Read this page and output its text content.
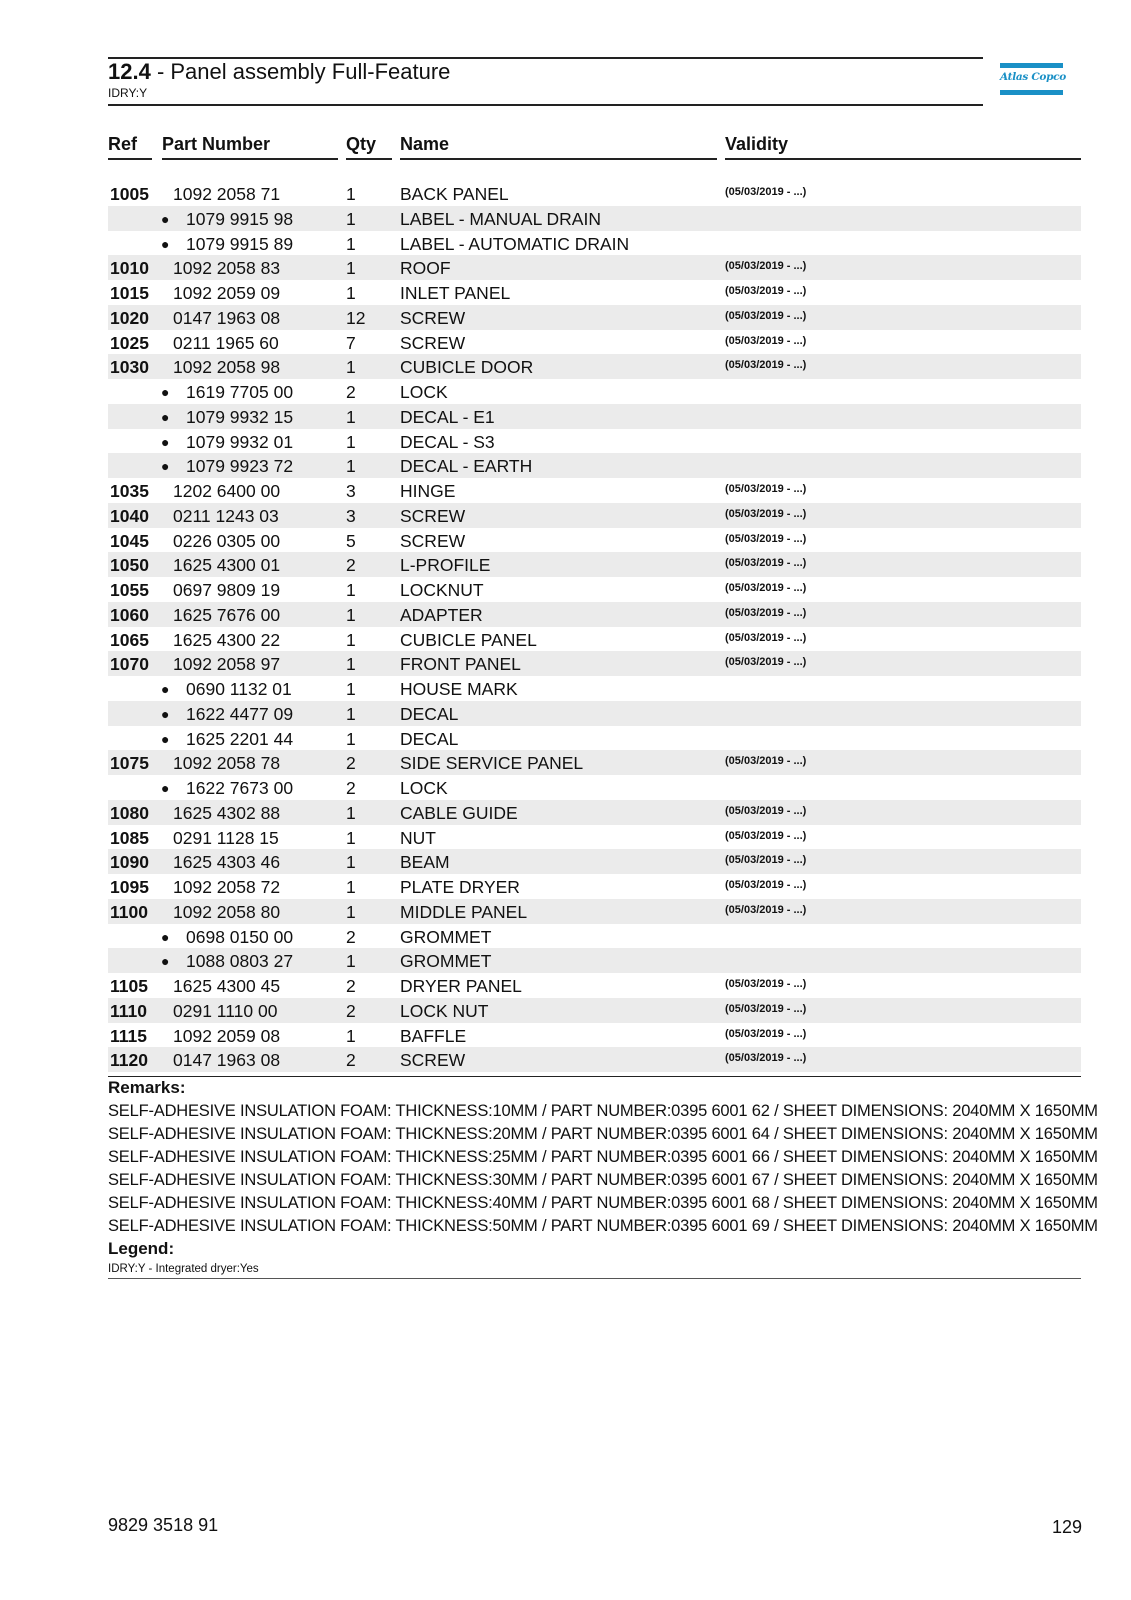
12.4 - Panel assembly Full-Feature
IDRY:Y
Atlas Copco
Ref Part Number	Qty Name	Validity
1005 1092 2058 71	1	BACK PANEL	(05/03/2019 - ...)
● 1079 9915 98	1	LABEL - MANUAL DRAIN
● 1079 9915 89	1	LABEL - AUTOMATIC DRAIN
1010 1092 2058 83	1	ROOF	(05/03/2019 - ...)
1015 1092 2059 09	1	INLET PANEL	(05/03/2019 - ...)
1020 0147 1963 08	12 SCREW	(05/03/2019 - ...)
1025 0211 1965 60	7	SCREW	(05/03/2019 - ...)
1030 1092 2058 98	1	CUBICLE DOOR	(05/03/2019 - ...)
● 1619 7705 00	2	LOCK
● 1079 9932 15	1	DECAL - E1
● 1079 9932 01	1	DECAL - S3
● 1079 9923 72	1	DECAL - EARTH
1035 1202 6400 00	3	HINGE	(05/03/2019 - ...)
1040 0211 1243 03	3	SCREW	(05/03/2019 - ...)
1045 0226 0305 00	5	SCREW	(05/03/2019 - ...)
1050 1625 4300 01	2	L-PROFILE	(05/03/2019 - ...)
1055 0697 9809 19	1	LOCKNUT	(05/03/2019 - ...)
1060 1625 7676 00	1	ADAPTER	(05/03/2019 - ...)
1065 1625 4300 22	1	CUBICLE PANEL	(05/03/2019 - ...)
1070 1092 2058 97	1	FRONT PANEL	(05/03/2019 - ...)
● 0690 1132 01	1	HOUSE MARK
● 1622 4477 09	1	DECAL
● 1625 2201 44	1	DECAL
1075 1092 2058 78	2	SIDE SERVICE PANEL	(05/03/2019 - ...)
● 1622 7673 00	2	LOCK
1080 1625 4302 88	1	CABLE GUIDE	(05/03/2019 - ...)
1085 0291 1128 15	1	NUT	(05/03/2019 - ...)
1090 1625 4303 46	1	BEAM	(05/03/2019 - ...)
1095 1092 2058 72	1	PLATE DRYER	(05/03/2019 - ...)
1100 1092 2058 80	1	MIDDLE PANEL	(05/03/2019 - ...)
● 0698 0150 00	2	GROMMET
● 1088 0803 27	1	GROMMET
1105 1625 4300 45	2	DRYER PANEL	(05/03/2019 - ...)
1110 0291 1110 00	2	LOCK NUT	(05/03/2019 - ...)
1115 1092 2059 08	1	BAFFLE	(05/03/2019 - ...)
1120 0147 1963 08	2	SCREW	(05/03/2019 - ...)
Remarks:
SELF-ADHESIVE INSULATION FOAM: THICKNESS:10MM / PART NUMBER:0395 6001 62 / SHEET DIMENSIONS: 2040MM X 1650MM
SELF-ADHESIVE INSULATION FOAM: THICKNESS:20MM / PART NUMBER:0395 6001 64 / SHEET DIMENSIONS: 2040MM X 1650MM
SELF-ADHESIVE INSULATION FOAM: THICKNESS:25MM / PART NUMBER:0395 6001 66 / SHEET DIMENSIONS: 2040MM X 1650MM
SELF-ADHESIVE INSULATION FOAM: THICKNESS:30MM / PART NUMBER:0395 6001 67 / SHEET DIMENSIONS: 2040MM X 1650MM
SELF-ADHESIVE INSULATION FOAM: THICKNESS:40MM / PART NUMBER:0395 6001 68 / SHEET DIMENSIONS: 2040MM X 1650MM
SELF-ADHESIVE INSULATION FOAM: THICKNESS:50MM / PART NUMBER:0395 6001 69 / SHEET DIMENSIONS: 2040MM X 1650MM
Legend:
IDRY:Y - Integrated dryer:Yes
9829 3518 91	129
